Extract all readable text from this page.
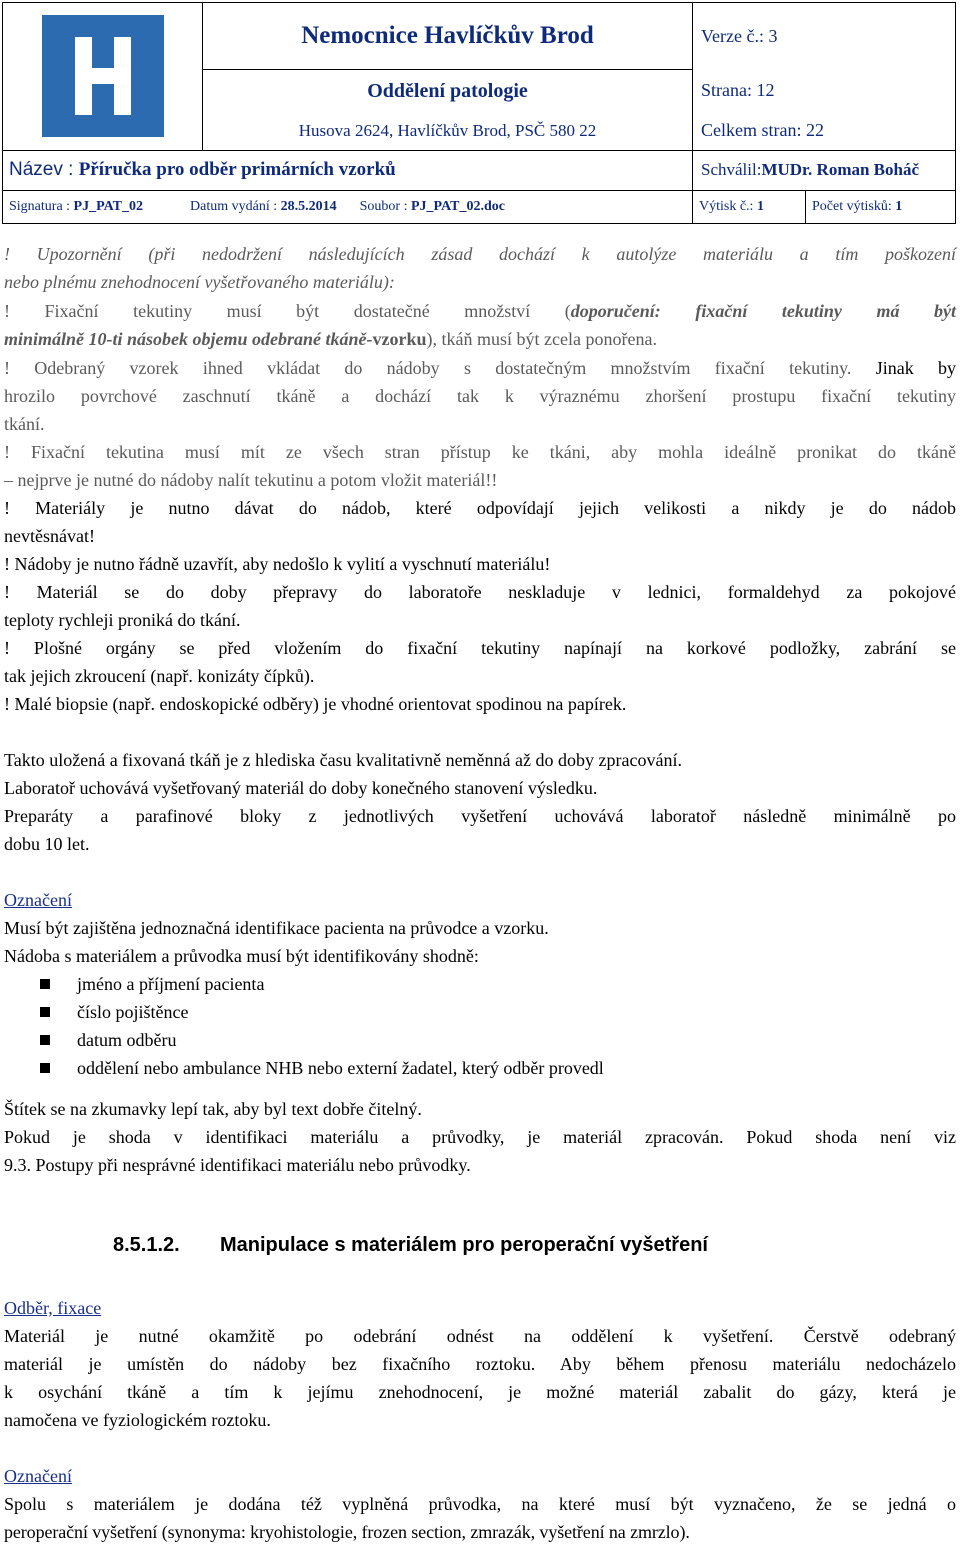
	Nemocnice Havlíčkův Brod	Verze č.: 3	
	Oddělení patologie	Strana: 12	
	Husova 2624, Havlíčkův Brod, PSČ 580 22	Celkem stran: 22	
Název : Příručka pro odběr primárních vzorků		Schválil:MUDr. Roman Boháč	
Signatura : PJ_PAT_02 Datum vydání : 28.5.2014 Soubor : PJ_PAT_02.doc		Výtisk č.: 1	Počet výtisků: 1

! Upozornění (při nedodržení následujících zásad dochází k autolýze materiálu a tím poškození

nebo plnému znehodnocení vyšetřovaného materiálu):

! Fixační tekutiny musí být dostatečné množství (doporučení: fixační tekutiny má být

minimálně 10-ti násobek objemu odebrané tkáně-vzorku), tkáň musí být zcela ponořena.

! Odebraný vzorek ihned vkládat do nádoby s dostatečným množstvím fixační tekutiny. Jinak by

hrozilo povrchové zaschnutí tkáně a dochází tak k výraznému zhoršení prostupu fixační tekutiny

tkání.

! Fixační tekutina musí mít ze všech stran přístup ke tkáni, aby mohla ideálně pronikat do tkáně

– nejprve je nutné do nádoby nalít tekutinu a potom vložit materiál!!

! Materiály je nutno dávat do nádob, které odpovídají jejich velikosti a nikdy je do nádob

nevtěsnávat!

! Nádoby je nutno řádně uzavřít, aby nedošlo k vylití a vyschnutí materiálu!

! Materiál se do doby přepravy do laboratoře neskladuje v lednici, formaldehyd za pokojové

teploty rychleji proniká do tkání.

! Plošné orgány se před vložením do fixační tekutiny napínají na korkové podložky, zabrání se

tak jejich zkroucení (např. konizáty čípků).

! Malé biopsie (např. endoskopické odběry) je vhodné orientovat spodinou na papírek.

Takto uložená a fixovaná tkáň je z hlediska času kvalitativně neměnná až do doby zpracování.

Laboratoř uchovává vyšetřovaný materiál do doby konečného stanovení výsledku.

Preparáty a parafinové bloky z jednotlivých vyšetření uchovává laboratoř následně minimálně po

dobu 10 let.

Označení

Musí být zajištěna jednoznačná identifikace pacienta na průvodce a vzorku.

Nádoba s materiálem a průvodka musí být identifikovány shodně:

jméno a příjmení pacienta
číslo pojištěnce
datum odběru
oddělení nebo ambulance NHB nebo externí žadatel, který odběr provedl

Štítek se na zkumavky lepí tak, aby byl text dobře čitelný.

Pokud je shoda v identifikaci materiálu a průvodky, je materiál zpracován. Pokud shoda není viz

9.3. Postupy při nesprávné identifikaci materiálu nebo průvodky.

8.5.1.2. Manipulace s materiálem pro peroperační vyšetření

Odběr, fixace

Materiál je nutné okamžitě po odebrání odnést na oddělení k vyšetření. Čerstvě odebraný

materiál je umístěn do nádoby bez fixačního roztoku. Aby během přenosu materiálu nedocházelo

k osychání tkáně a tím k jejímu znehodnocení, je možné materiál zabalit do gázy, která je

namočena ve fyziologickém roztoku.

Označení

Spolu s materiálem je dodána též vyplněná průvodka, na které musí být vyznačeno, že se jedná o

peroperační vyšetření (synonyma: kryohistologie, frozen section, zmrazák, vyšetření na zmrzlo).
